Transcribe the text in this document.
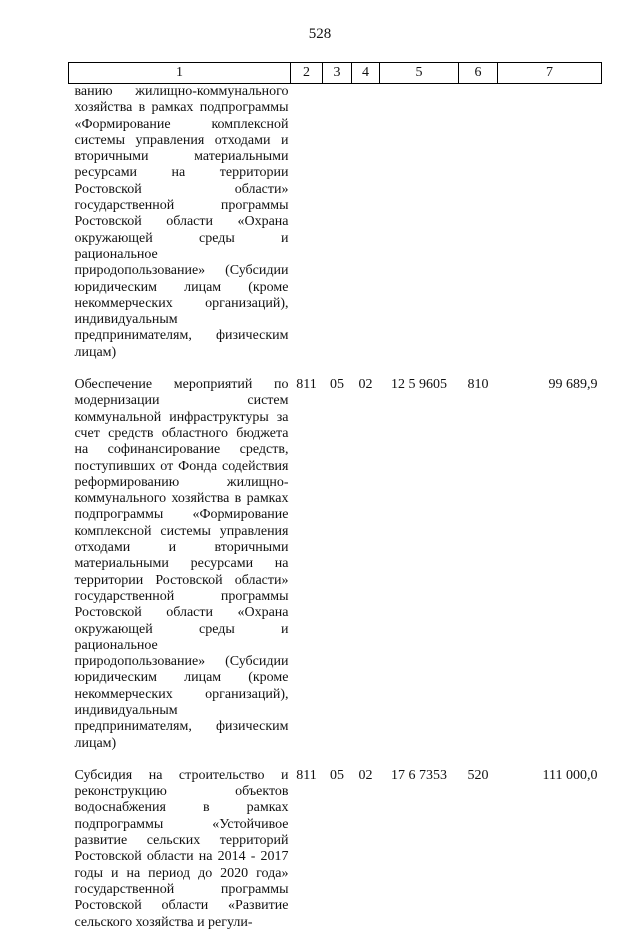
528
1	2	3	4	5	6	7
ванию жилищно-коммунального хозяйства в рамках подпрограммы «Формирование комплексной системы управления отходами и вторичными материальными ресурсами на территории Ростовской области» государственной программы Ростовской области «Охрана окружающей среды и рациональное природопользование» (Субсидии юридическим лицам (кроме некоммерческих организаций), индивидуальным предпринимателям, физическим лицам)						

Обеспечение мероприятий по модернизации систем коммунальной инфраструктуры за счет средств областного бюджета на софинансирование средств, поступивших от Фонда содействия реформированию жилищно-коммунального хозяйства в рамках подпрограммы «Формирование комплексной системы управления отходами и вторичными материальными ресурсами на территории Ростовской области» государственной программы Ростовской области «Охрана окружающей среды и рациональное природопользование» (Субсидии юридическим лицам (кроме некоммерческих организаций), индивидуальным предпринимателям, физическим лицам)	811	05	02	12 5 9605	810	99 689,9

Субсидия на строительство и реконструкцию объектов водоснабжения в рамках подпрограммы «Устойчивое развитие сельских территорий Ростовской области на 2014 - 2017 годы и на период до 2020 года» государственной программы Ростовской области «Развитие сельского хозяйства и регули-	811	05	02	17 6 7353	520	111 000,0
